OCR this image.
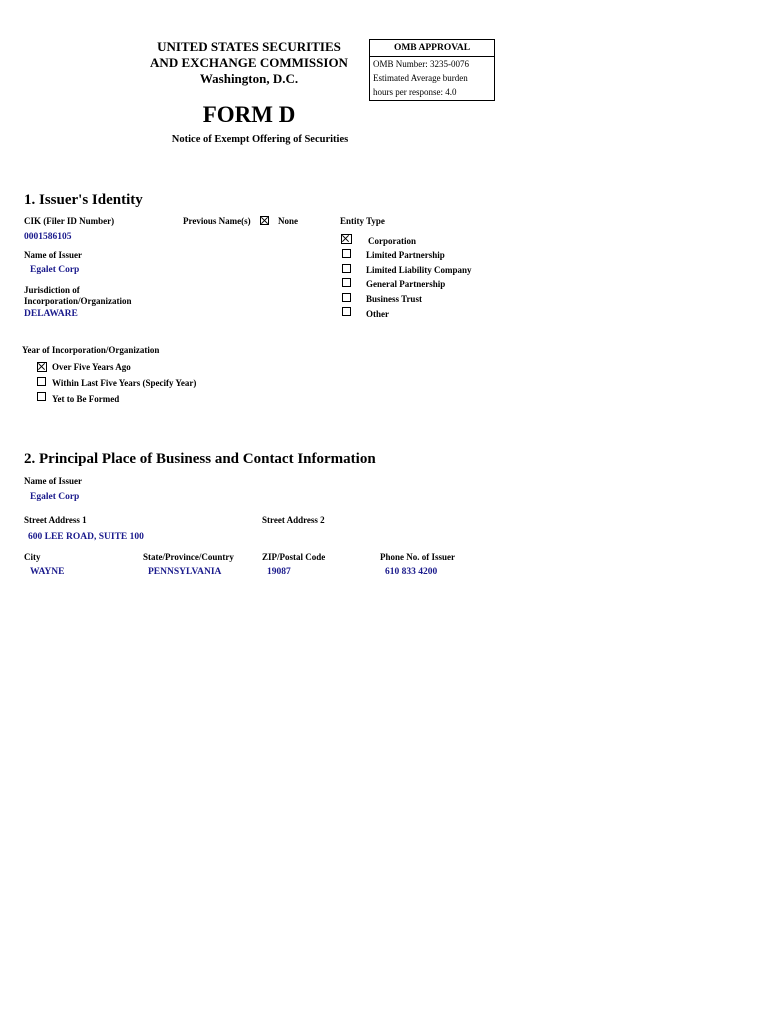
UNITED STATES SECURITIES
AND EXCHANGE COMMISSION
Washington, D.C.
OMB APPROVAL
OMB Number: 3235-0076
Estimated Average burden
hours per response: 4.0
FORM D
Notice of Exempt Offering of Securities
1. Issuer's Identity
CIK (Filer ID Number)
0001586105
Previous Name(s)	None
Name of Issuer
Egalet Corp
Jurisdiction of
Incorporation/Organization
DELAWARE
Entity Type
Corporation
Limited Partnership
Limited Liability Company
General Partnership
Business Trust
Other
Year of Incorporation/Organization
Over Five Years Ago
Within Last Five Years (Specify Year)
Yet to Be Formed
2. Principal Place of Business and Contact Information
Name of Issuer
Egalet Corp
Street Address 1
600 LEE ROAD, SUITE 100
Street Address 2
City
WAYNE
State/Province/Country
PENNSYLVANIA
ZIP/Postal Code
19087
Phone No. of Issuer
610 833 4200
